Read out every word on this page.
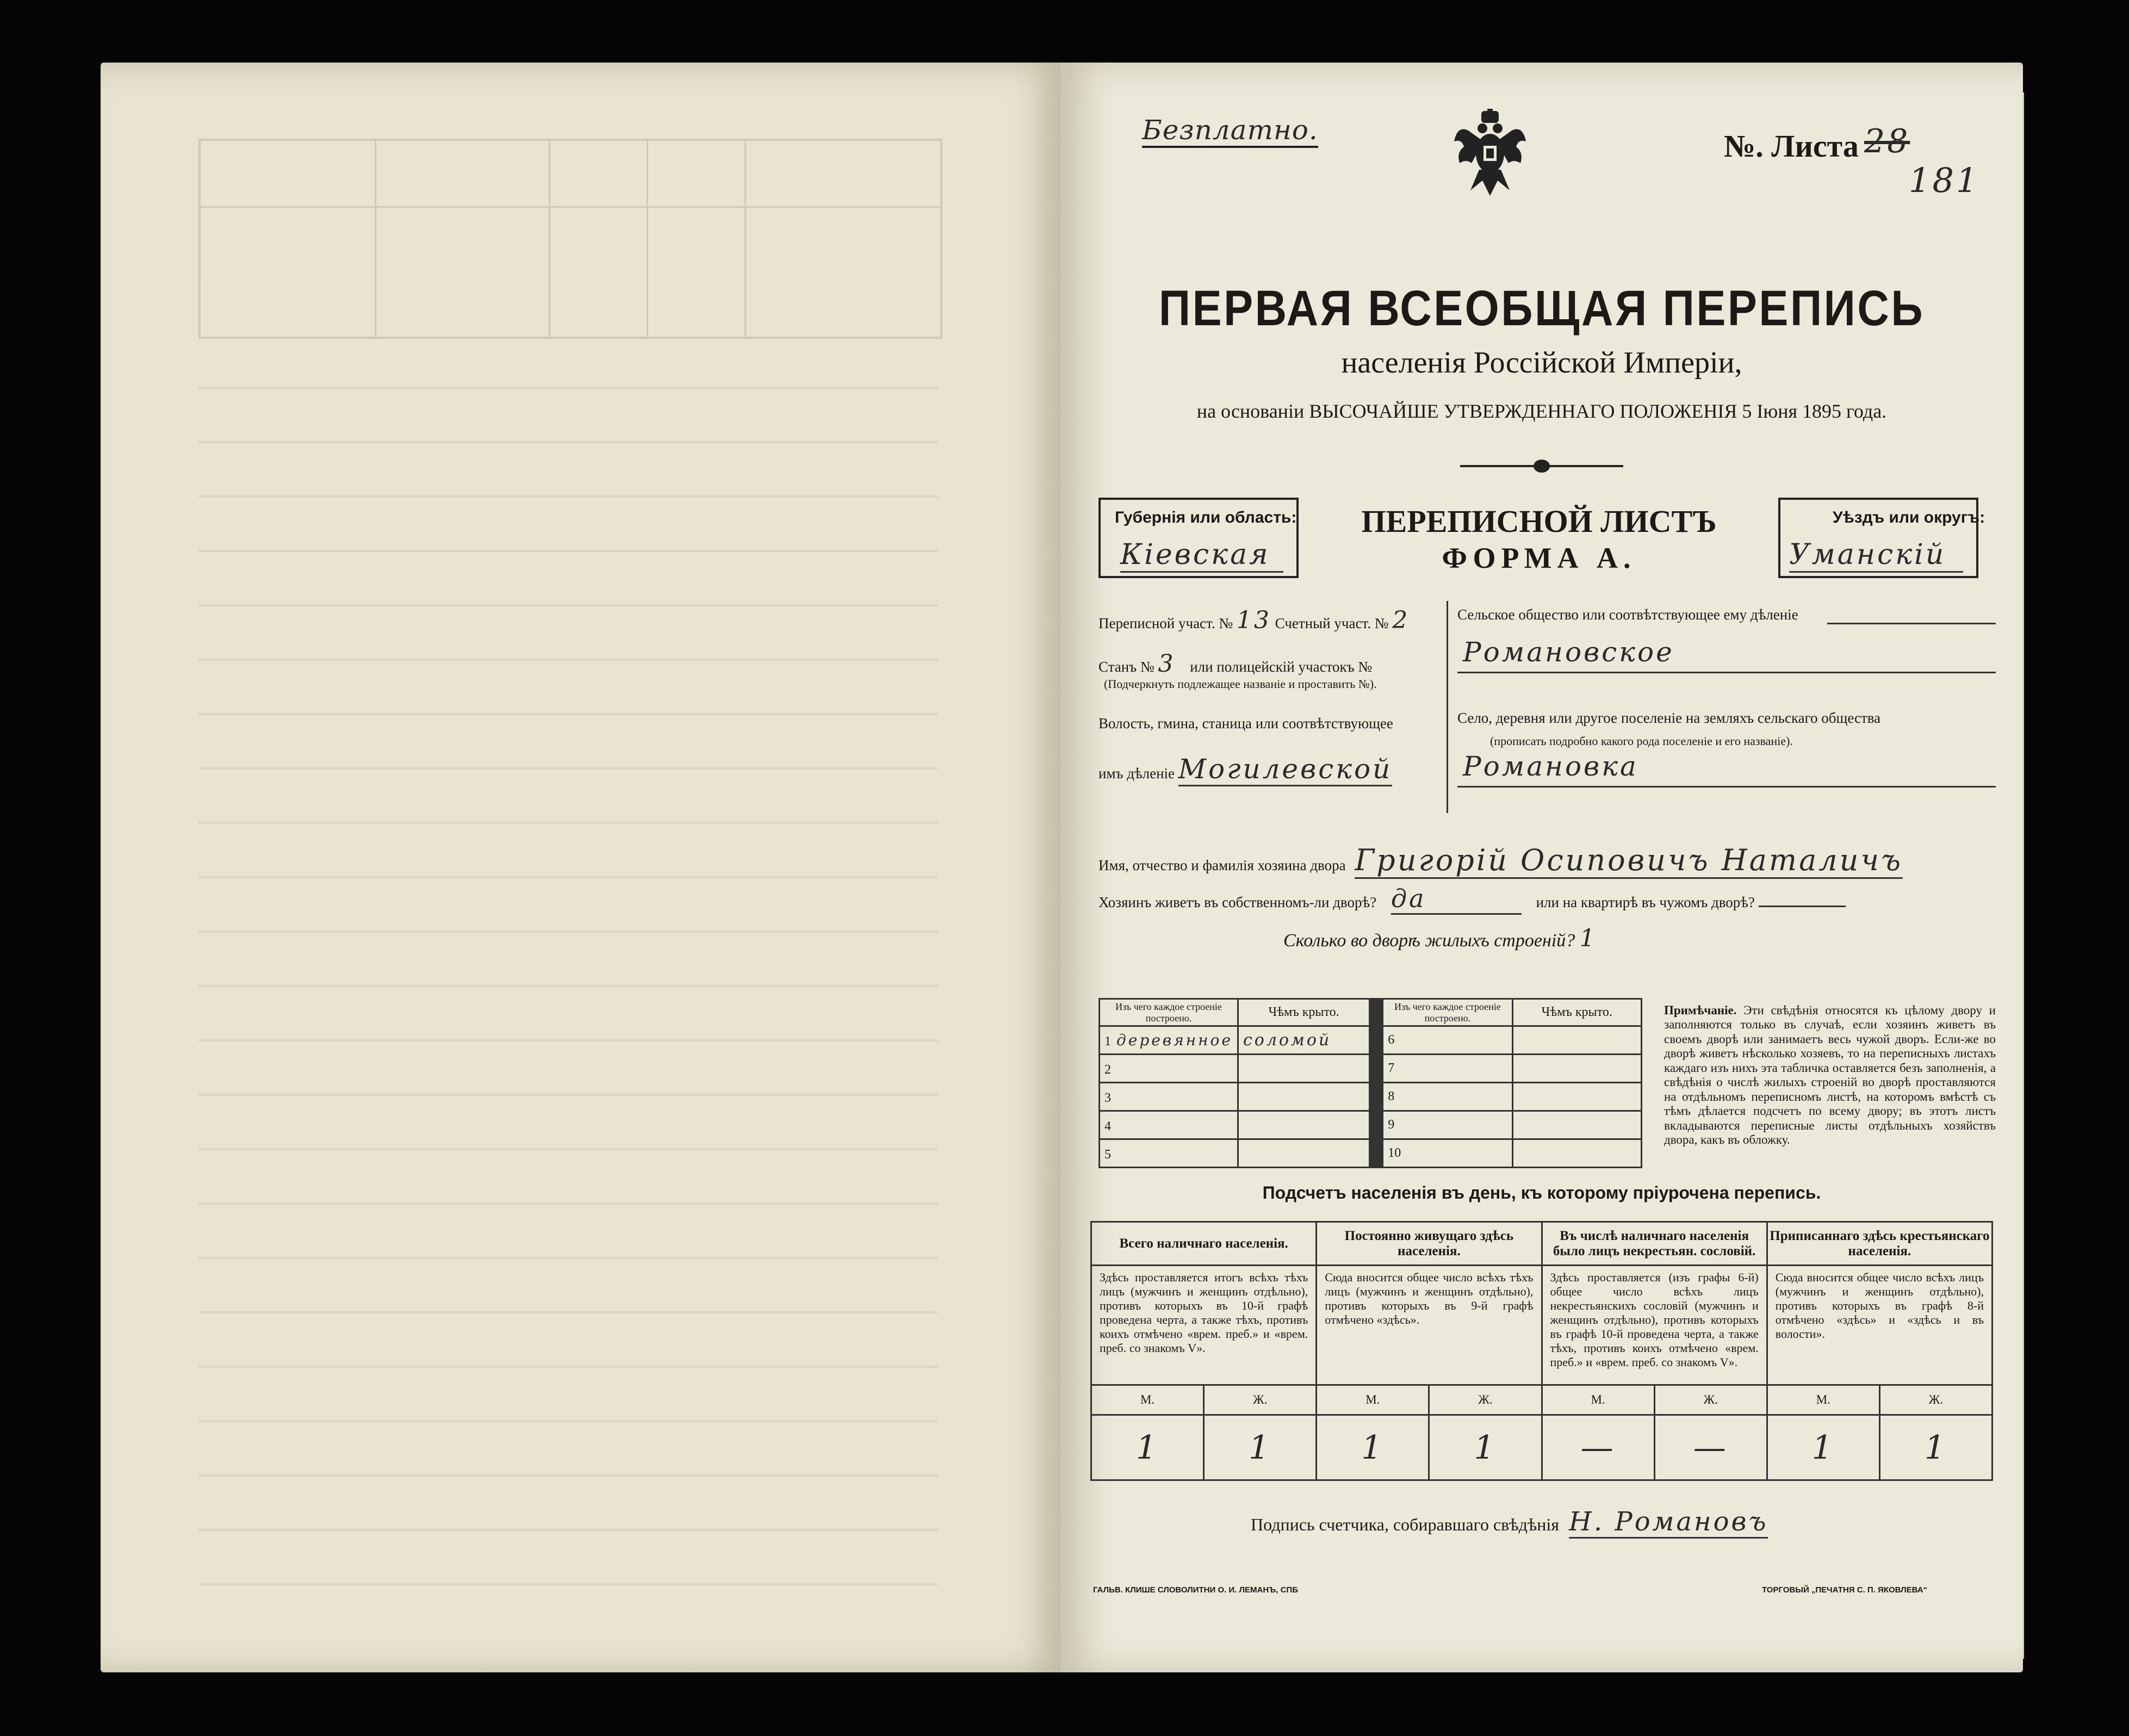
Безплатно.	№. Листа 28
181
ПЕРВАЯ ВСЕОБЩАЯ ПЕРЕПИСЬ
населенія Россійской Имперіи,
на основаніи ВЫСОЧАЙШЕ УТВЕРЖДЕННАГО ПОЛОЖЕНІЯ 5 Іюня 1895 года.
Губернія или область:
Кіевская
ПЕРЕПИСНОЙ ЛИСТЪ
ФОРМА А.
Уѣздъ или округъ:
Уманскій
Переписной участ. № 13 Счетный участ. № 2
Станъ № 3 или полицейскій участокъ №
(Подчеркнуть подлежащее названіе и проставить №).
Волость, гмина, станица или соотвѣтствующее
имъ дѣленіе Могилевской
Сельское общество или соотвѣтствующее ему дѣленіе
Романовское
Село, деревня или другое поселеніе на земляхъ сельскаго общества
(прописать подробно какого рода поселеніе и его названіе).
Романовка
Имя, отчество и фамилія хозяина двора Григорій Осиповичъ Наталичъ
Хозяинъ живетъ въ собственномъ-ли дворѣ? да	или на квартирѣ въ чужомъ дворѣ?
Сколько во дворѣ жилыхъ строеній? 1
Изъ чего каждое строеніе построено.	Чѣмъ крыто.		Изъ чего каждое строеніе построено.	Чѣмъ крыто.
1 деревянное	соломой		6	
2			7	
3			8	
4			9	
5			10	
Примѣчаніе. Эти свѣдѣнія относятся къ цѣлому двору и заполняются только въ случаѣ, если хозяинъ живетъ въ своемъ дворѣ или занимаетъ весь чужой дворъ. Если-же во дворѣ живетъ нѣсколько хозяевъ, то на переписныхъ листахъ каждаго изъ нихъ эта табличка оставляется безъ заполненія, а свѣдѣнія о числѣ жилыхъ строеній во дворѣ проставляются на отдѣльномъ переписномъ листѣ, на которомъ вмѣстѣ съ тѣмъ дѣлается подсчетъ по всему двору; въ этотъ листъ вкладываются переписные листы отдѣльныхъ хозяйствъ двора, какъ въ обложку.
Подсчетъ населенія въ день, къ которому пріурочена перепись.
Всего наличнаго населенія.		Постоянно живущаго здѣсь населенія.		Въ числѣ наличнаго населенія было лицъ некрестьян. сословій.		Приписаннаго здѣсь крестьянскаго населенія.	
Здѣсь проставляется итогъ всѣхъ тѣхъ лицъ (мужчинъ и женщинъ отдѣльно), противъ которыхъ въ 10-й графѣ проведена черта, а также тѣхъ, противъ коихъ отмѣчено «врем. преб.» и «врем. преб. со знакомъ V».		Сюда вносится общее число всѣхъ тѣхъ лицъ (мужчинъ и женщинъ отдѣльно), противъ которыхъ въ 9-й графѣ отмѣчено «здѣсь».		Здѣсь проставляется (изъ графы 6-й) общее число всѣхъ лицъ некрестьянскихъ сословій (мужчинъ и женщинъ отдѣльно), противъ которыхъ въ графѣ 10-й проведена черта, а также тѣхъ, противъ коихъ отмѣчено «врем. преб.» и «врем. преб. со знакомъ V».		Сюда вносится общее число всѣхъ лицъ (мужчинъ и женщинъ отдѣльно), противъ которыхъ въ графѣ 8-й отмѣчено «здѣсь» и «здѣсь и въ волости».	
М.	Ж.	М.	Ж.	М.	Ж.	М.	Ж.
1	1	1	1	—	—	1	1
Подпись счетчика, собиравшаго свѣдѣнія Н. Романовъ
ГАЛЬВ. КЛИШЕ СЛОВОЛИТНИ О. И. ЛЕМАНЪ, СПБ	ТОРГОВЫЙ „ПЕЧАТНЯ С. П. ЯКОВЛЕВА“
